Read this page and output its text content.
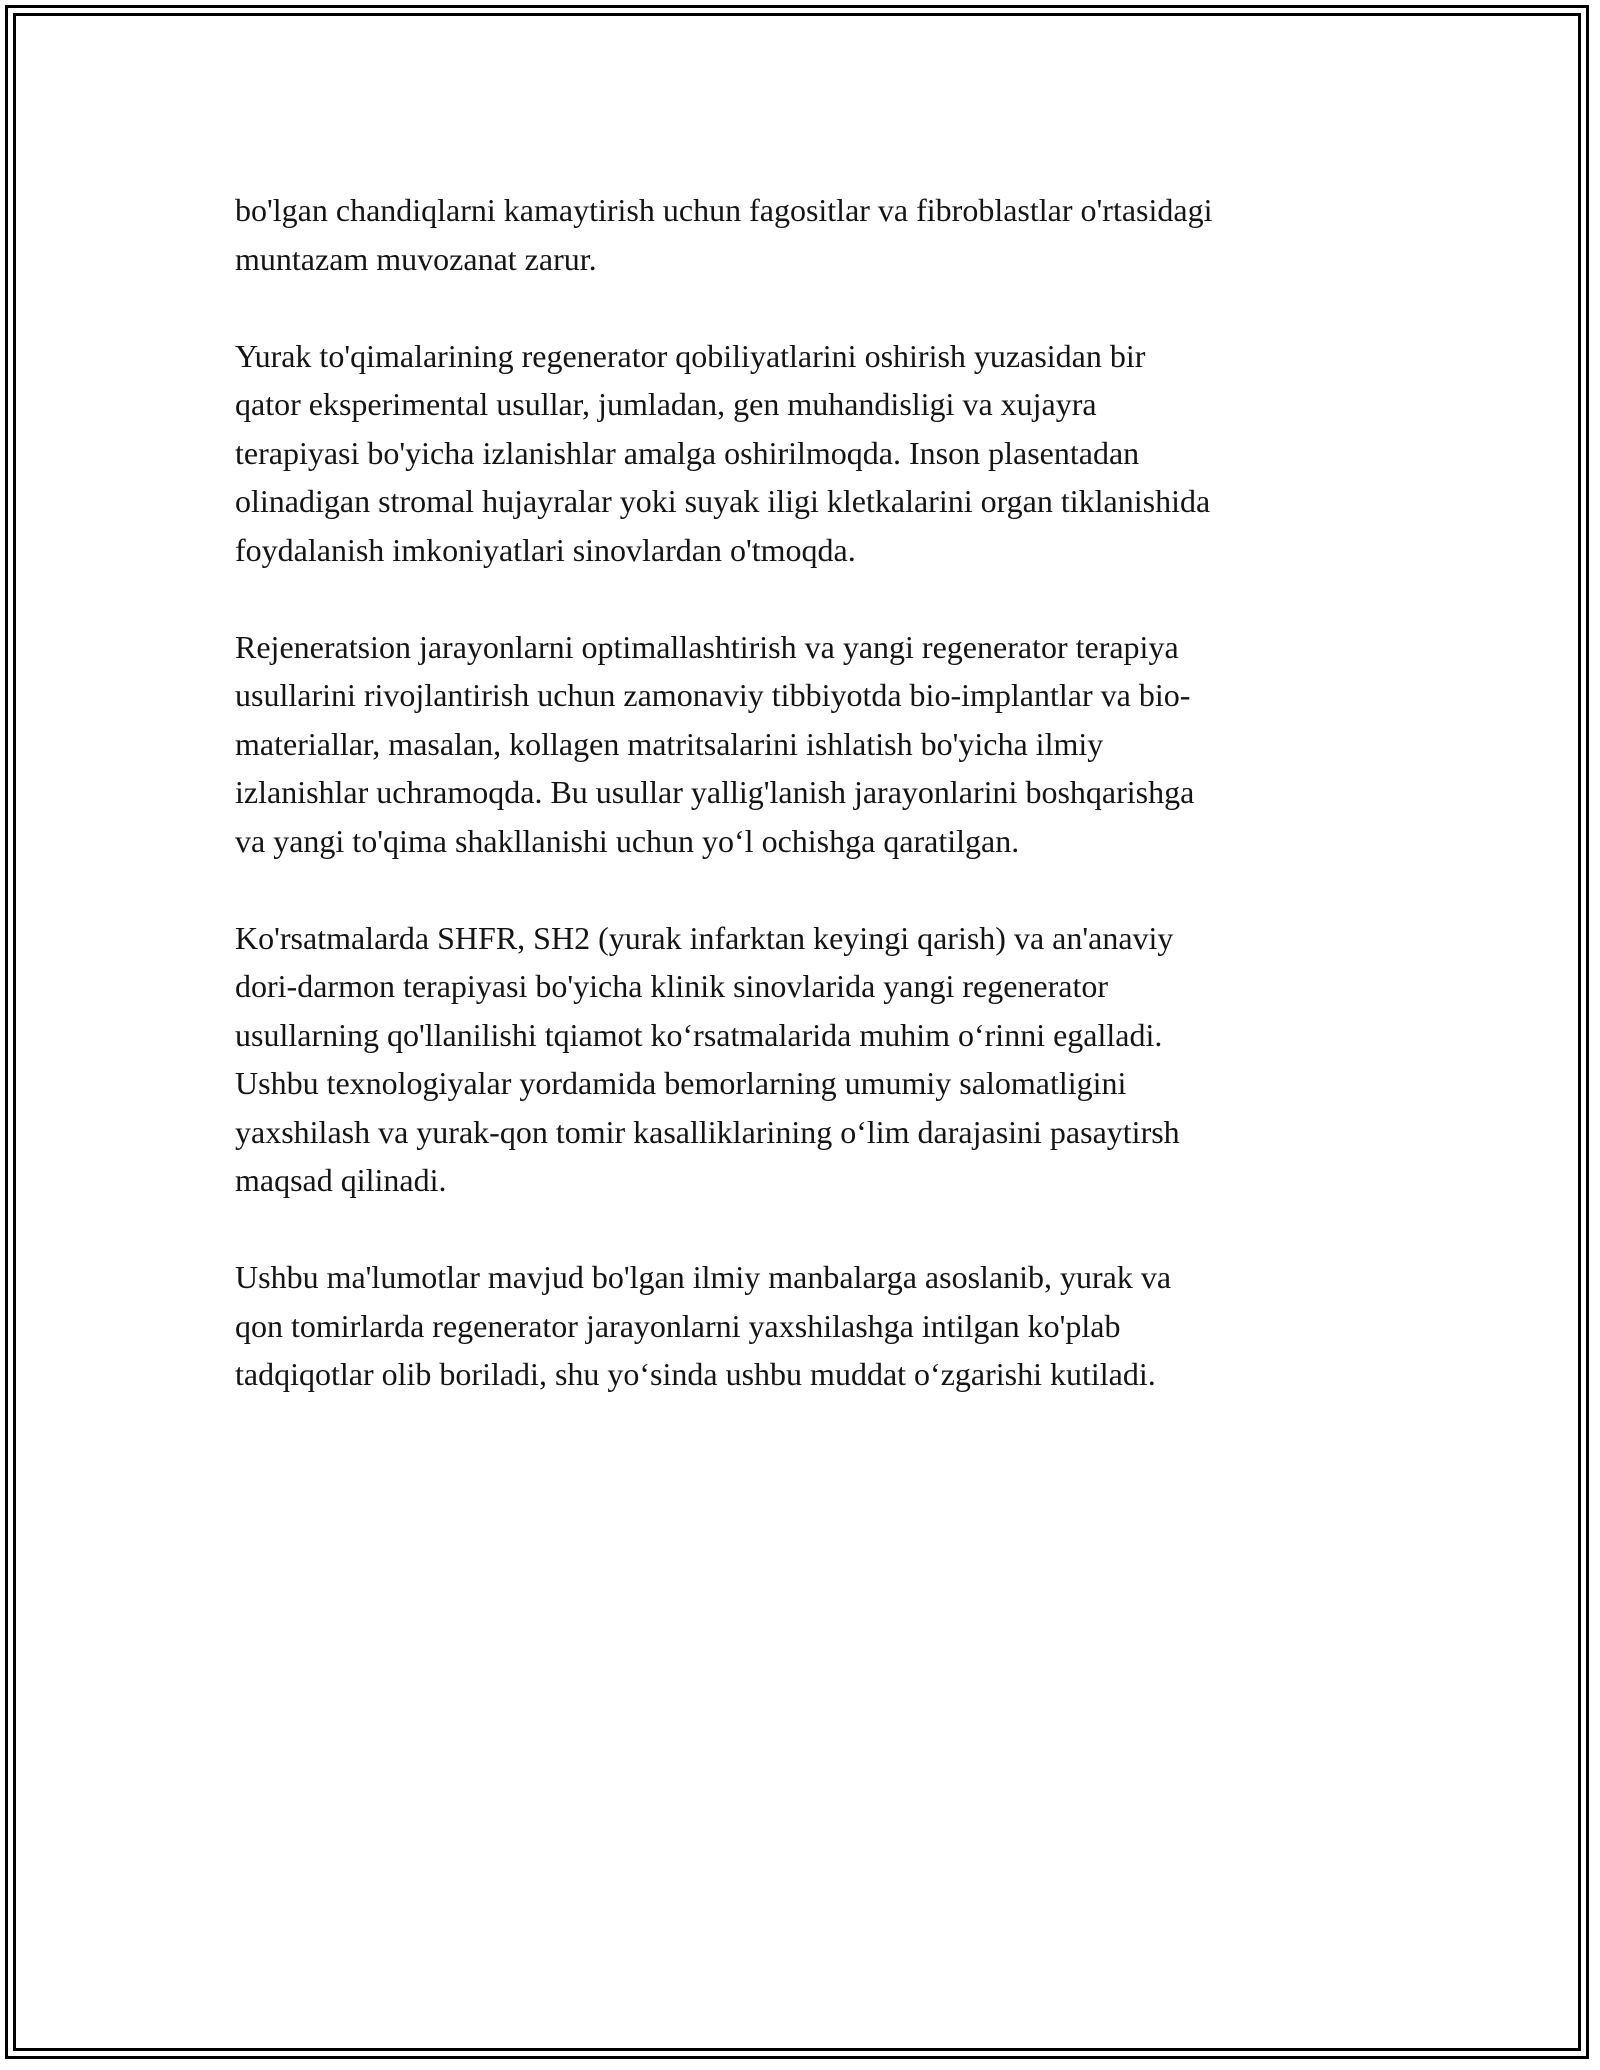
bo'lgan chandiqlarni kamaytirish uchun fagositlar va fibroblastlar o'rtasidagi
muntazam muvozanat zarur.

Yurak to'qimalarining regenerator qobiliyatlarini oshirish yuzasidan bir
qator eksperimental usullar, jumladan, gen muhandisligi va xujayra
terapiyasi bo'yicha izlanishlar amalga oshirilmoqda. Inson plasentadan
olinadigan stromal hujayralar yoki suyak iligi kletkalarini organ tiklanishida
foydalanish imkoniyatlari sinovlardan o'tmoqda.

Rejeneratsion jarayonlarni optimallashtirish va yangi regenerator terapiya
usullarini rivojlantirish uchun zamonaviy tibbiyotda bio-implantlar va bio-
materiallar, masalan, kollagen matritsalarini ishlatish bo'yicha ilmiy
izlanishlar uchramoqda. Bu usullar yallig'lanish jarayonlarini boshqarishga
va yangi to'qima shakllanishi uchun yo‘l ochishga qaratilgan.

Ko'rsatmalarda SHFR, SH2 (yurak infarktan keyingi qarish) va an'anaviy
dori-darmon terapiyasi bo'yicha klinik sinovlarida yangi regenerator
usullarning qo'llanilishi tqiamot ko‘rsatmalarida muhim o‘rinni egalladi.
Ushbu texnologiyalar yordamida bemorlarning umumiy salomatligini
yaxshilash va yurak-qon tomir kasalliklarining o‘lim darajasini pasaytirsh
maqsad qilinadi.

Ushbu ma'lumotlar mavjud bo'lgan ilmiy manbalarga asoslanib, yurak va
qon tomirlarda regenerator jarayonlarni yaxshilashga intilgan ko'plab
tadqiqotlar olib boriladi, shu yo‘sinda ushbu muddat o‘zgarishi kutiladi.
